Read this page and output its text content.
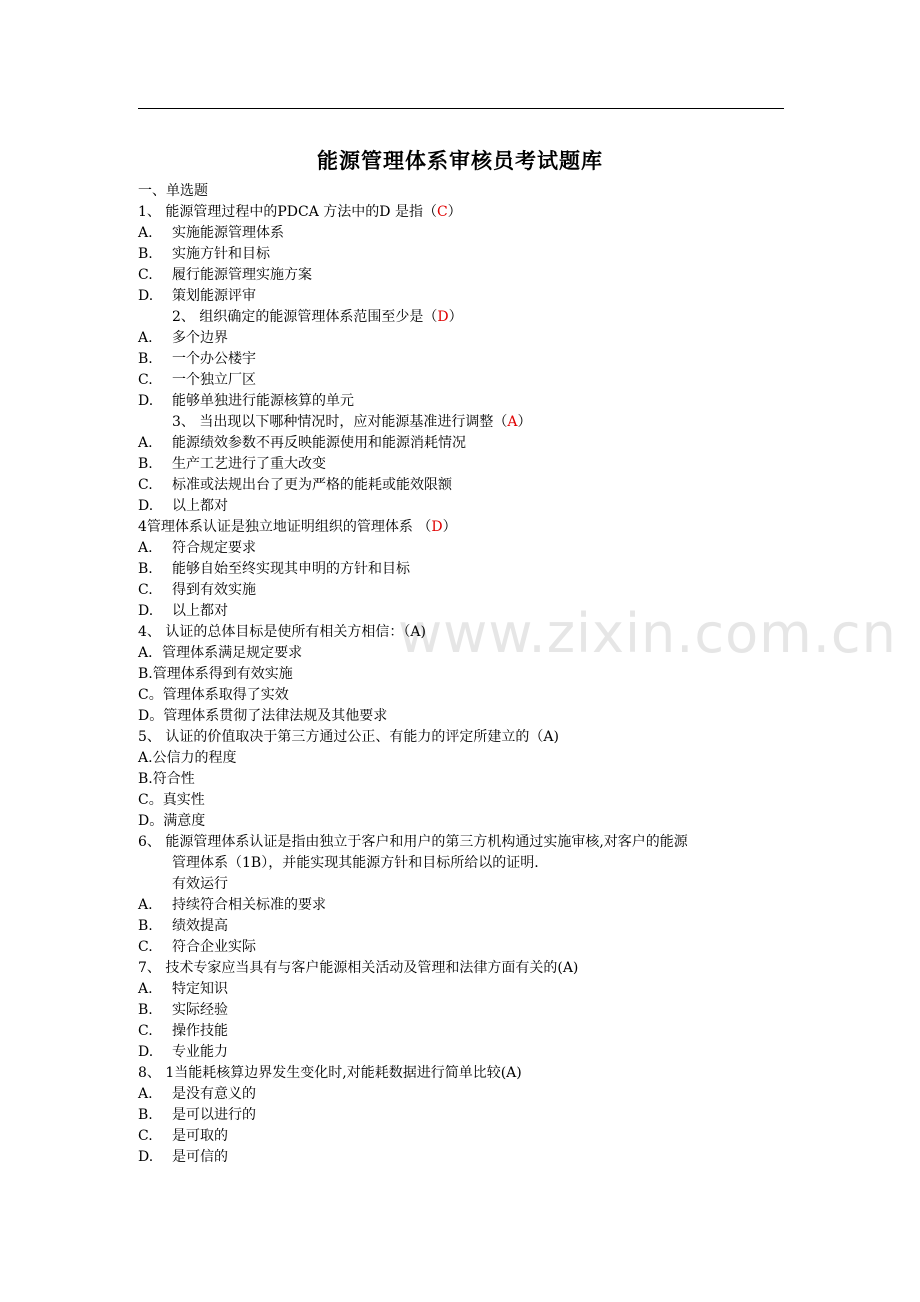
能源管理体系审核员考试题库
www.zixin.com.cn
一、单选题
1、 能源管理过程中的PDCA 方法中的D 是指（C）
A. 实施能源管理体系
B. 实施方针和目标
C. 履行能源管理实施方案
D. 策划能源评审
2、 组织确定的能源管理体系范围至少是（D）
A. 多个边界
B. 一个办公楼宇
C. 一个独立厂区
D. 能够单独进行能源核算的单元
3、 当出现以下哪种情况时，应对能源基准进行调整（A）
A. 能源绩效参数不再反映能源使用和能源消耗情况
B. 生产工艺进行了重大改变
C. 标准或法规出台了更为严格的能耗或能效限额
D. 以上都对
4管理体系认证是独立地证明组织的管理体系 （D）
A. 符合规定要求
B. 能够自始至终实现其申明的方针和目标
C. 得到有效实施
D. 以上都对
4、 认证的总体目标是使所有相关方相信：（A)
A．管理体系满足规定要求
B.管理体系得到有效实施
C。管理体系取得了实效
D。管理体系贯彻了法律法规及其他要求
5、 认证的价值取决于第三方通过公正、有能力的评定所建立的（A)
A.公信力的程度
B.符合性
C。真实性
D。满意度
6、 能源管理体系认证是指由独立于客户和用户的第三方机构通过实施审核,对客户的能源
管理体系（1B），并能实现其能源方针和目标所给以的证明.
有效运行
A. 持续符合相关标准的要求
B. 绩效提高
C. 符合企业实际
7、 技术专家应当具有与客户能源相关活动及管理和法律方面有关的(A)
A. 特定知识
B. 实际经验
C. 操作技能
D. 专业能力
8、 1当能耗核算边界发生变化时,对能耗数据进行简单比较(A)
A. 是没有意义的
B. 是可以进行的
C. 是可取的
D. 是可信的
